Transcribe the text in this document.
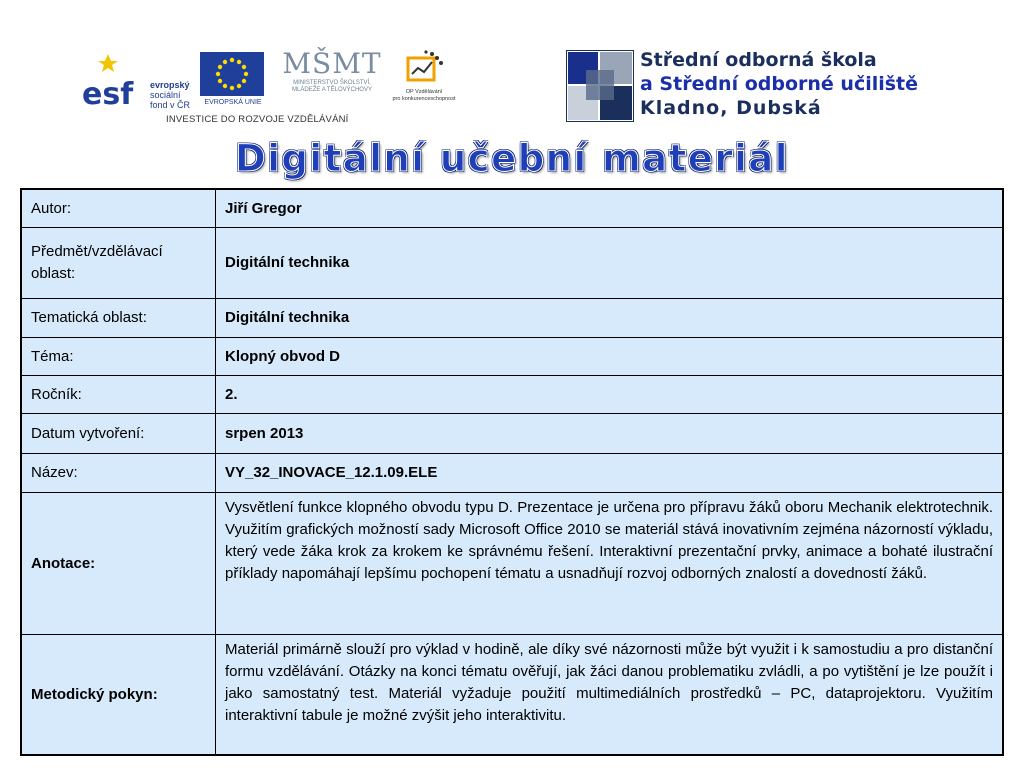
esf evropský
sociální
fond v ČR	EVROPSKÁ UNIE
MŠMT
MINISTERSTVO ŠKOLSTVÍ,
MLÁDEŽE A TĚLOVÝCHOVY	OP Vzdělávání
pro konkurenceschopnost
INVESTICE DO ROZVOJE VZDĚLÁVÁNÍ
Střední odborná škola
a Střední odborné učiliště
Kladno, Dubská
Digitální učební materiál
Autor:	Jiří Gregor
Předmět/vzdělávací oblast:	Digitální technika
Tematická oblast:	Digitální technika
Téma:	Klopný obvod D
Ročník:	2.
Datum vytvoření:	srpen 2013
Název:	VY_32_INOVACE_12.1.09.ELE
Anotace:	Vysvětlení funkce klopného obvodu typu D. Prezentace je určena pro přípravu žáků oboru Mechanik elektrotechnik. Využitím grafických možností sady Microsoft Office 2010 se materiál stává inovativním zejména názorností výkladu, který vede žáka krok za krokem ke správnému řešení. Interaktivní prezentační prvky, animace a bohaté ilustrační příklady napomáhají lepšímu pochopení tématu a usnadňují rozvoj odborných znalostí a dovedností žáků.
Metodický pokyn:	Materiál primárně slouží pro výklad v hodině, ale díky své názornosti může být využit i k samostudiu a pro distanční formu vzdělávání. Otázky na konci tématu ověřují, jak žáci danou problematiku zvládli, a po vytištění je lze použít i jako samostatný test. Materiál vyžaduje použití multimediálních prostředků – PC, dataprojektoru. Využitím interaktivní tabule je možné zvýšit jeho interaktivitu.
